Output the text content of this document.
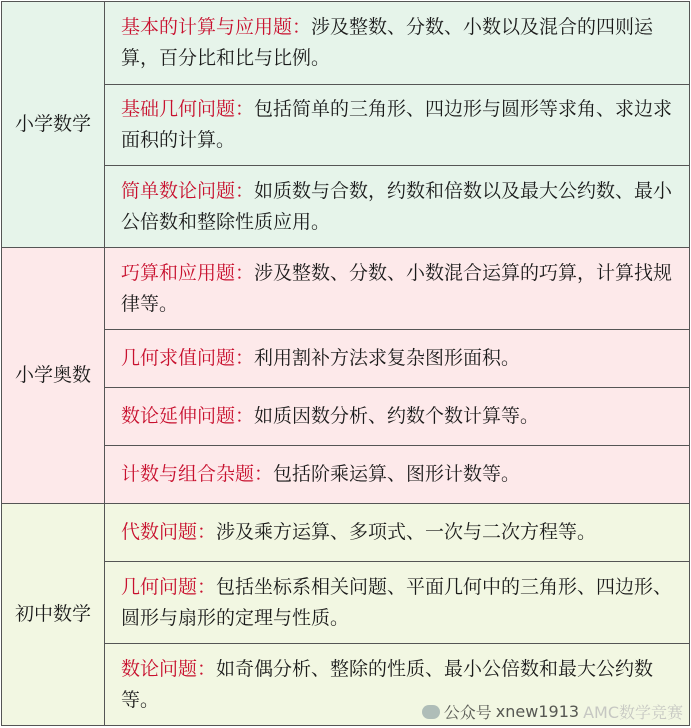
小学数学	基本的计算与应用题：涉及整数、分数、小数以及混合的四则运算，百分比和比与比例。
	基础几何问题：包括简单的三角形、四边形与圆形等求角、求边求面积的计算。
	简单数论问题：如质数与合数，约数和倍数以及最大公约数、最小公倍数和整除性质应用。
小学奥数	巧算和应用题：涉及整数、分数、小数混合运算的巧算，计算找规律等。
	几何求值问题：利用割补方法求复杂图形面积。
	数论延伸问题：如质因数分析、约数个数计算等。
	计数与组合杂题：包括阶乘运算、图形计数等。
初中数学	代数问题：涉及乘方运算、多项式、一次与二次方程等。
	几何问题：包括坐标系相关问题、平面几何中的三角形、四边形、圆形与扇形的定理与性质。
	数论问题：如奇偶分析、整除的性质、最小公倍数和最大公约数等。
公众号 xnew1913 AMC数学竞赛
